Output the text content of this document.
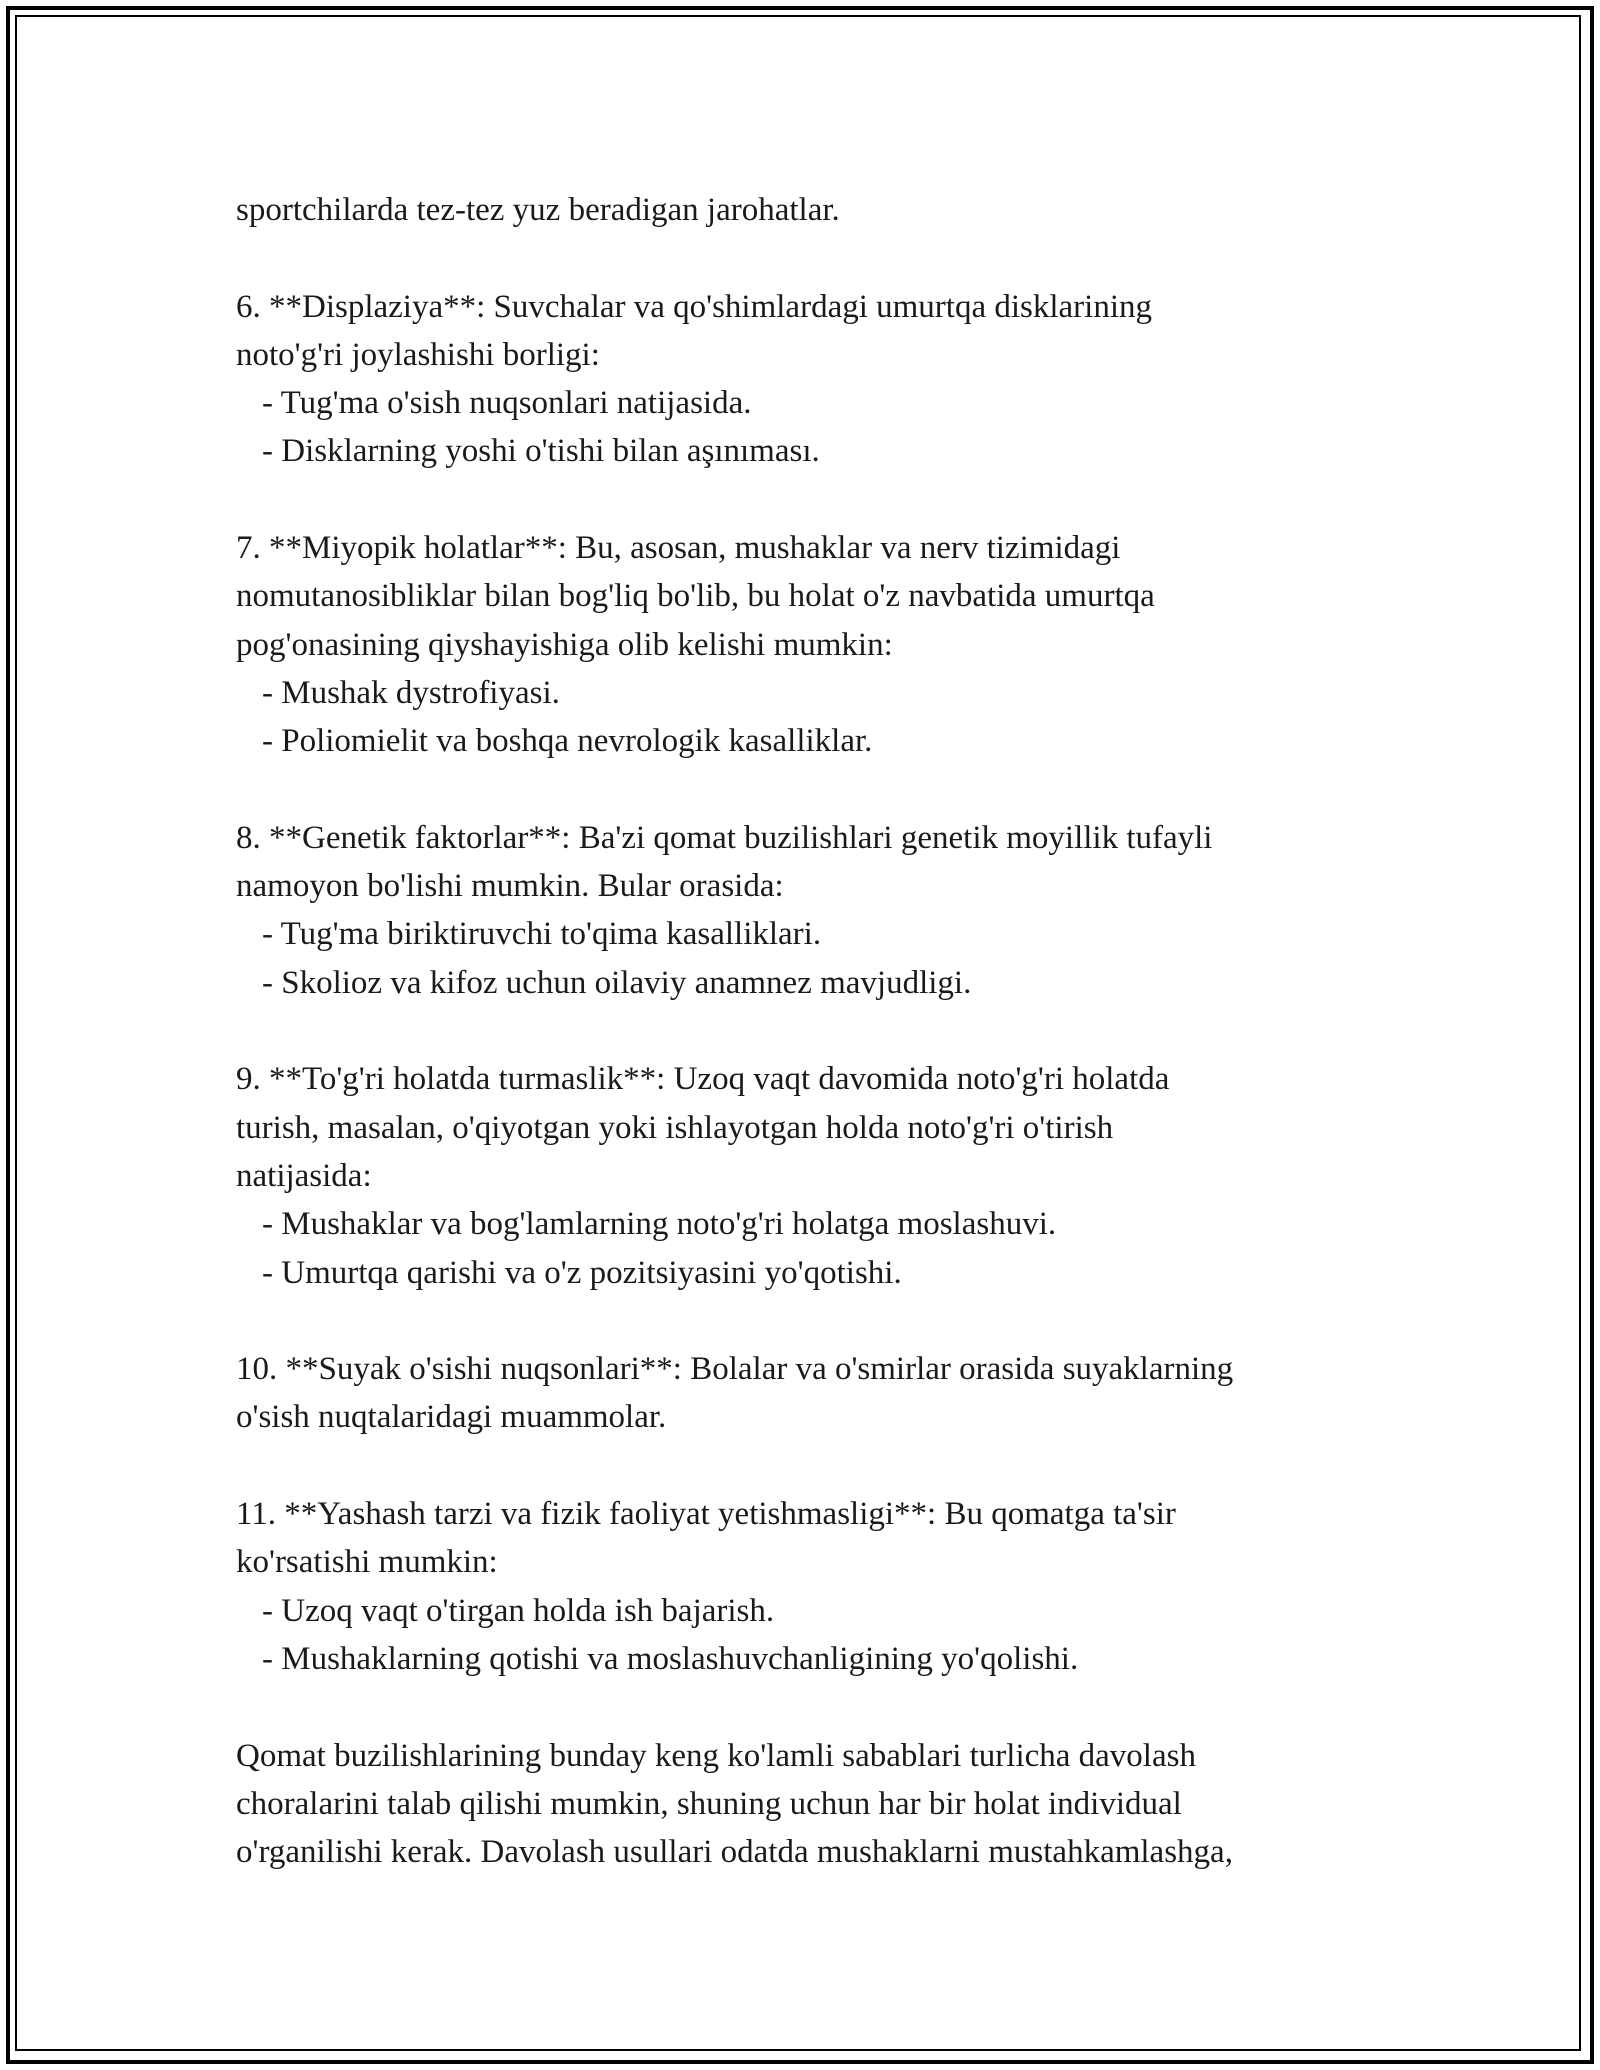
sportchilarda tez-tez yuz beradigan jarohatlar.
6. **Displaziya**: Suvchalar va qo'shimlardagi umurtqa disklarining
noto'g'ri joylashishi borligi:
- Tug'ma o'sish nuqsonlari natijasida.
- Disklarning yoshi o'tishi bilan aşınıması.
7. **Miyopik holatlar**: Bu, asosan, mushaklar va nerv tizimidagi
nomutanosibliklar bilan bog'liq bo'lib, bu holat o'z navbatida umurtqa
pog'onasining qiyshayishiga olib kelishi mumkin:
- Mushak dystrofiyasi.
- Poliomielit va boshqa nevrologik kasalliklar.
8. **Genetik faktorlar**: Ba'zi qomat buzilishlari genetik moyillik tufayli
namoyon bo'lishi mumkin. Bular orasida:
- Tug'ma biriktiruvchi to'qima kasalliklari.
- Skolioz va kifoz uchun oilaviy anamnez mavjudligi.
9. **To'g'ri holatda turmaslik**: Uzoq vaqt davomida noto'g'ri holatda
turish, masalan, o'qiyotgan yoki ishlayotgan holda noto'g'ri o'tirish
natijasida:
- Mushaklar va bog'lamlarning noto'g'ri holatga moslashuvi.
- Umurtqa qarishi va o'z pozitsiyasini yo'qotishi.
10. **Suyak o'sishi nuqsonlari**: Bolalar va o'smirlar orasida suyaklarning
o'sish nuqtalaridagi muammolar.
11. **Yashash tarzi va fizik faoliyat yetishmasligi**: Bu qomatga ta'sir
ko'rsatishi mumkin:
- Uzoq vaqt o'tirgan holda ish bajarish.
- Mushaklarning qotishi va moslashuvchanligining yo'qolishi.
Qomat buzilishlarining bunday keng ko'lamli sabablari turlicha davolash
choralarini talab qilishi mumkin, shuning uchun har bir holat individual
o'rganilishi kerak. Davolash usullari odatda mushaklarni mustahkamlashga,
